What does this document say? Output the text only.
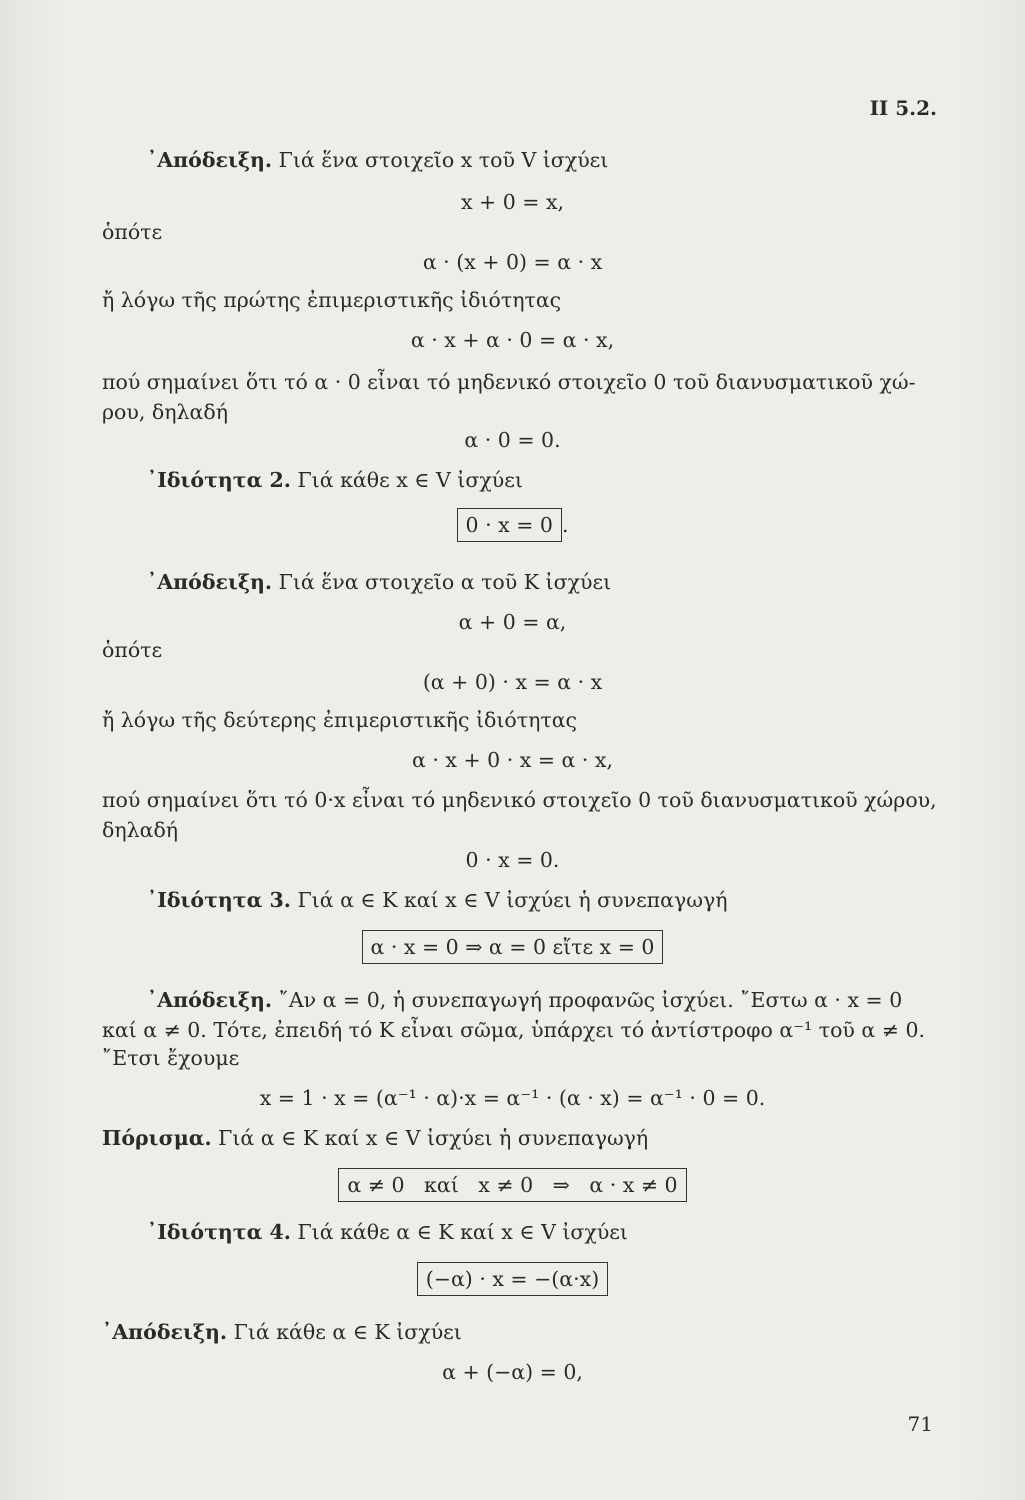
ΙΙ 5.2.
᾿Απόδειξη. Γιά ἕνα στοιχεῖο x τοῦ V ἰσχύει
x + 0 = x,
ὁπότε
α · (x + 0) = α · x
ἤ λόγω τῆς πρώτης ἐπιμεριστικῆς ἰδιότητας
α · x + α · 0 = α · x,
πού σημαίνει ὅτι τό α · 0 εἶναι τό μηδενικό στοιχεῖο 0 τοῦ διανυσματικοῦ χώ-
ρου, δηλαδή
α · 0 = 0.
᾿Ιδιότητα 2. Γιά κάθε x ∈ V ἰσχύει
0 · x = 0 .
᾿Απόδειξη. Γιά ἕνα στοιχεῖο α τοῦ Κ ἰσχύει
α + 0 = α,
ὁπότε
(α + 0) · x = α · x
ἤ λόγω τῆς δεύτερης ἐπιμεριστικῆς ἰδιότητας
α · x + 0 · x = α · x,
πού σημαίνει ὅτι τό 0·x εἶναι τό μηδενικό στοιχεῖο 0 τοῦ διανυσματικοῦ χώρου,
δηλαδή
0 · x = 0.
᾿Ιδιότητα 3. Γιά α ∈ Κ καί x ∈ V ἰσχύει ἡ συνεπαγωγή
α · x = 0 ⇒ α = 0 εἴτε x = 0
᾿Απόδειξη. ῎Αν α = 0, ἡ συνεπαγωγή προφανῶς ἰσχύει. ῎Εστω α · x = 0
καί α ≠ 0. Τότε, ἐπειδή τό Κ εἶναι σῶμα, ὑπάρχει τό ἀντίστροφο α⁻¹ τοῦ α ≠ 0.
῎Ετσι ἔχουμε
x = 1 · x = (α⁻¹ · α)·x = α⁻¹ · (α · x) = α⁻¹ · 0 = 0.
Πόρισμα. Γιά α ∈ Κ καί x ∈ V ἰσχύει ἡ συνεπαγωγή
α ≠ 0   καί   x ≠ 0   ⇒   α · x ≠ 0
᾿Ιδιότητα 4. Γιά κάθε α ∈ Κ καί x ∈ V ἰσχύει
(−α) · x = −(α·x)
᾿Απόδειξη. Γιά κάθε α ∈ Κ ἰσχύει
α + (−α) = 0,
71
